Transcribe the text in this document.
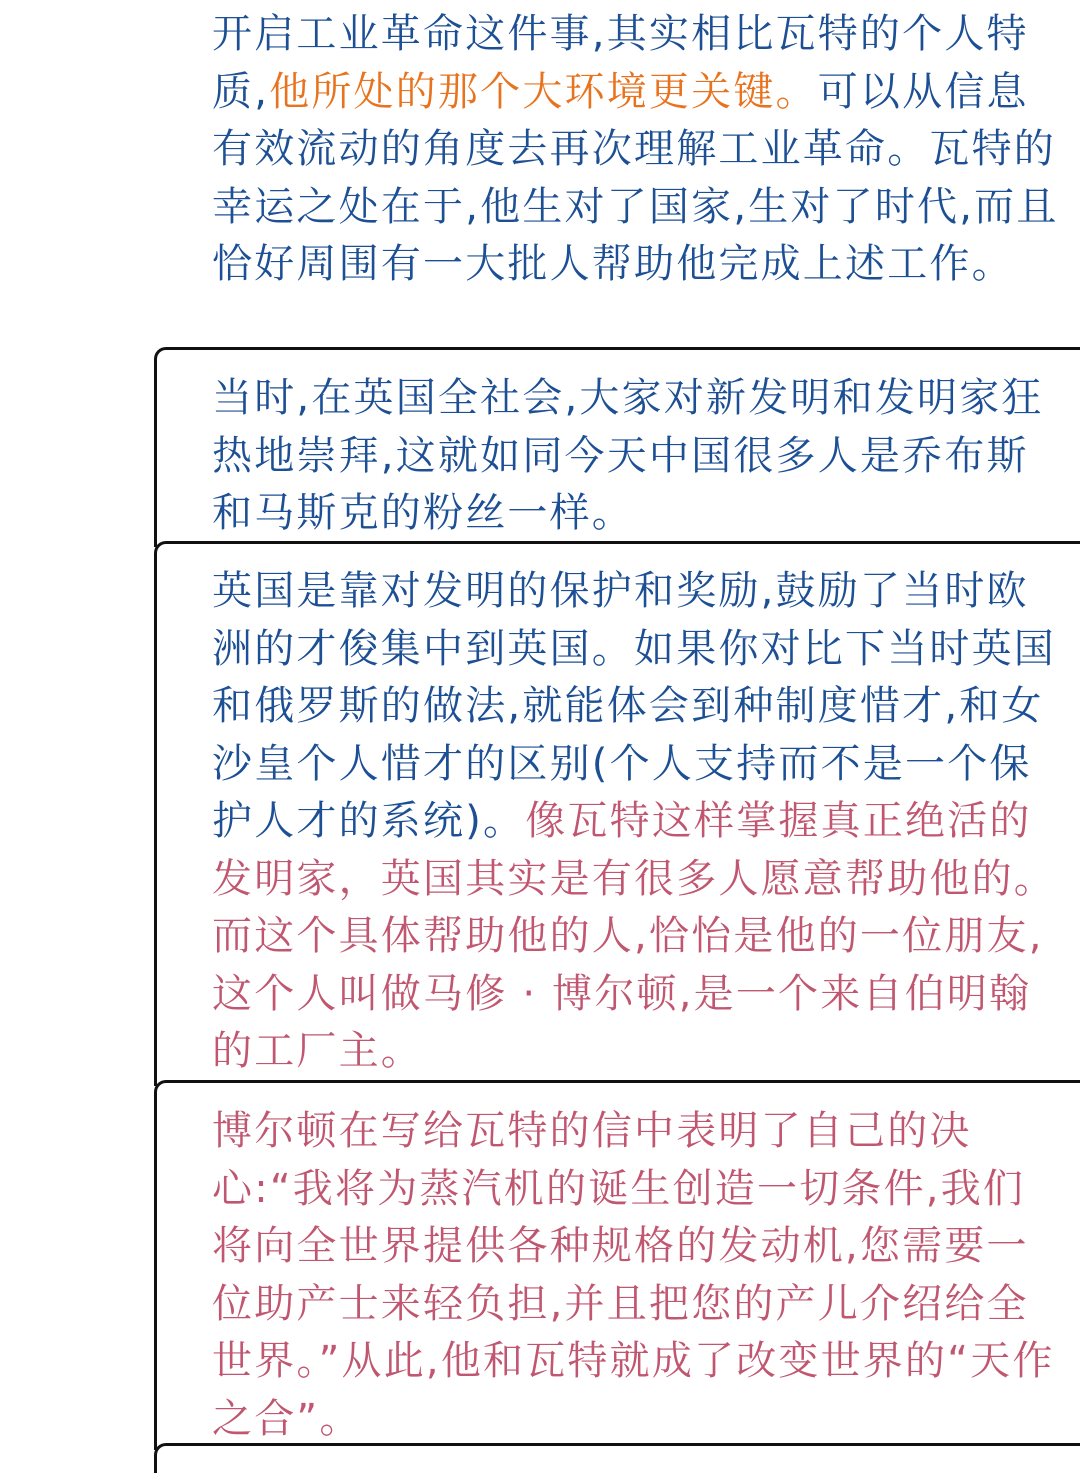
开启工业革命这件事,其实相比瓦特的个人特质,他所处的那个大环境更关键。可以从信息有效流动的角度去再次理解工业革命。瓦特的幸运之处在于,他生对了国家,生对了时代,而且恰好周围有一大批人帮助他完成上述工作。

当时,在英国全社会,大家对新发明和发明家狂热地崇拜,这就如同今天中国很多人是乔布斯和马斯克的粉丝一样。

英国是靠对发明的保护和奖励,鼓励了当时欧洲的才俊集中到英国。如果你对比下当时英国和俄罗斯的做法,就能体会到种制度惜才,和女沙皇个人惜才的区别(个人支持而不是一个保护人才的系统)。像瓦特这样掌握真正绝活的发明家，英国其实是有很多人愿意帮助他的。而这个具体帮助他的人,恰怡是他的一位朋友,这个人叫做马修 · 博尔顿,是一个来自伯明翰的工厂主。

博尔顿在写给瓦特的信中表明了自己的决心:“我将为蒸汽机的诞生创造一切条件,我们将向全世界提供各种规格的发动机,您需要一位助产士来轻负担,并且把您的产儿介绍给全世界。”从此,他和瓦特就成了改变世界的“天作之合”。
